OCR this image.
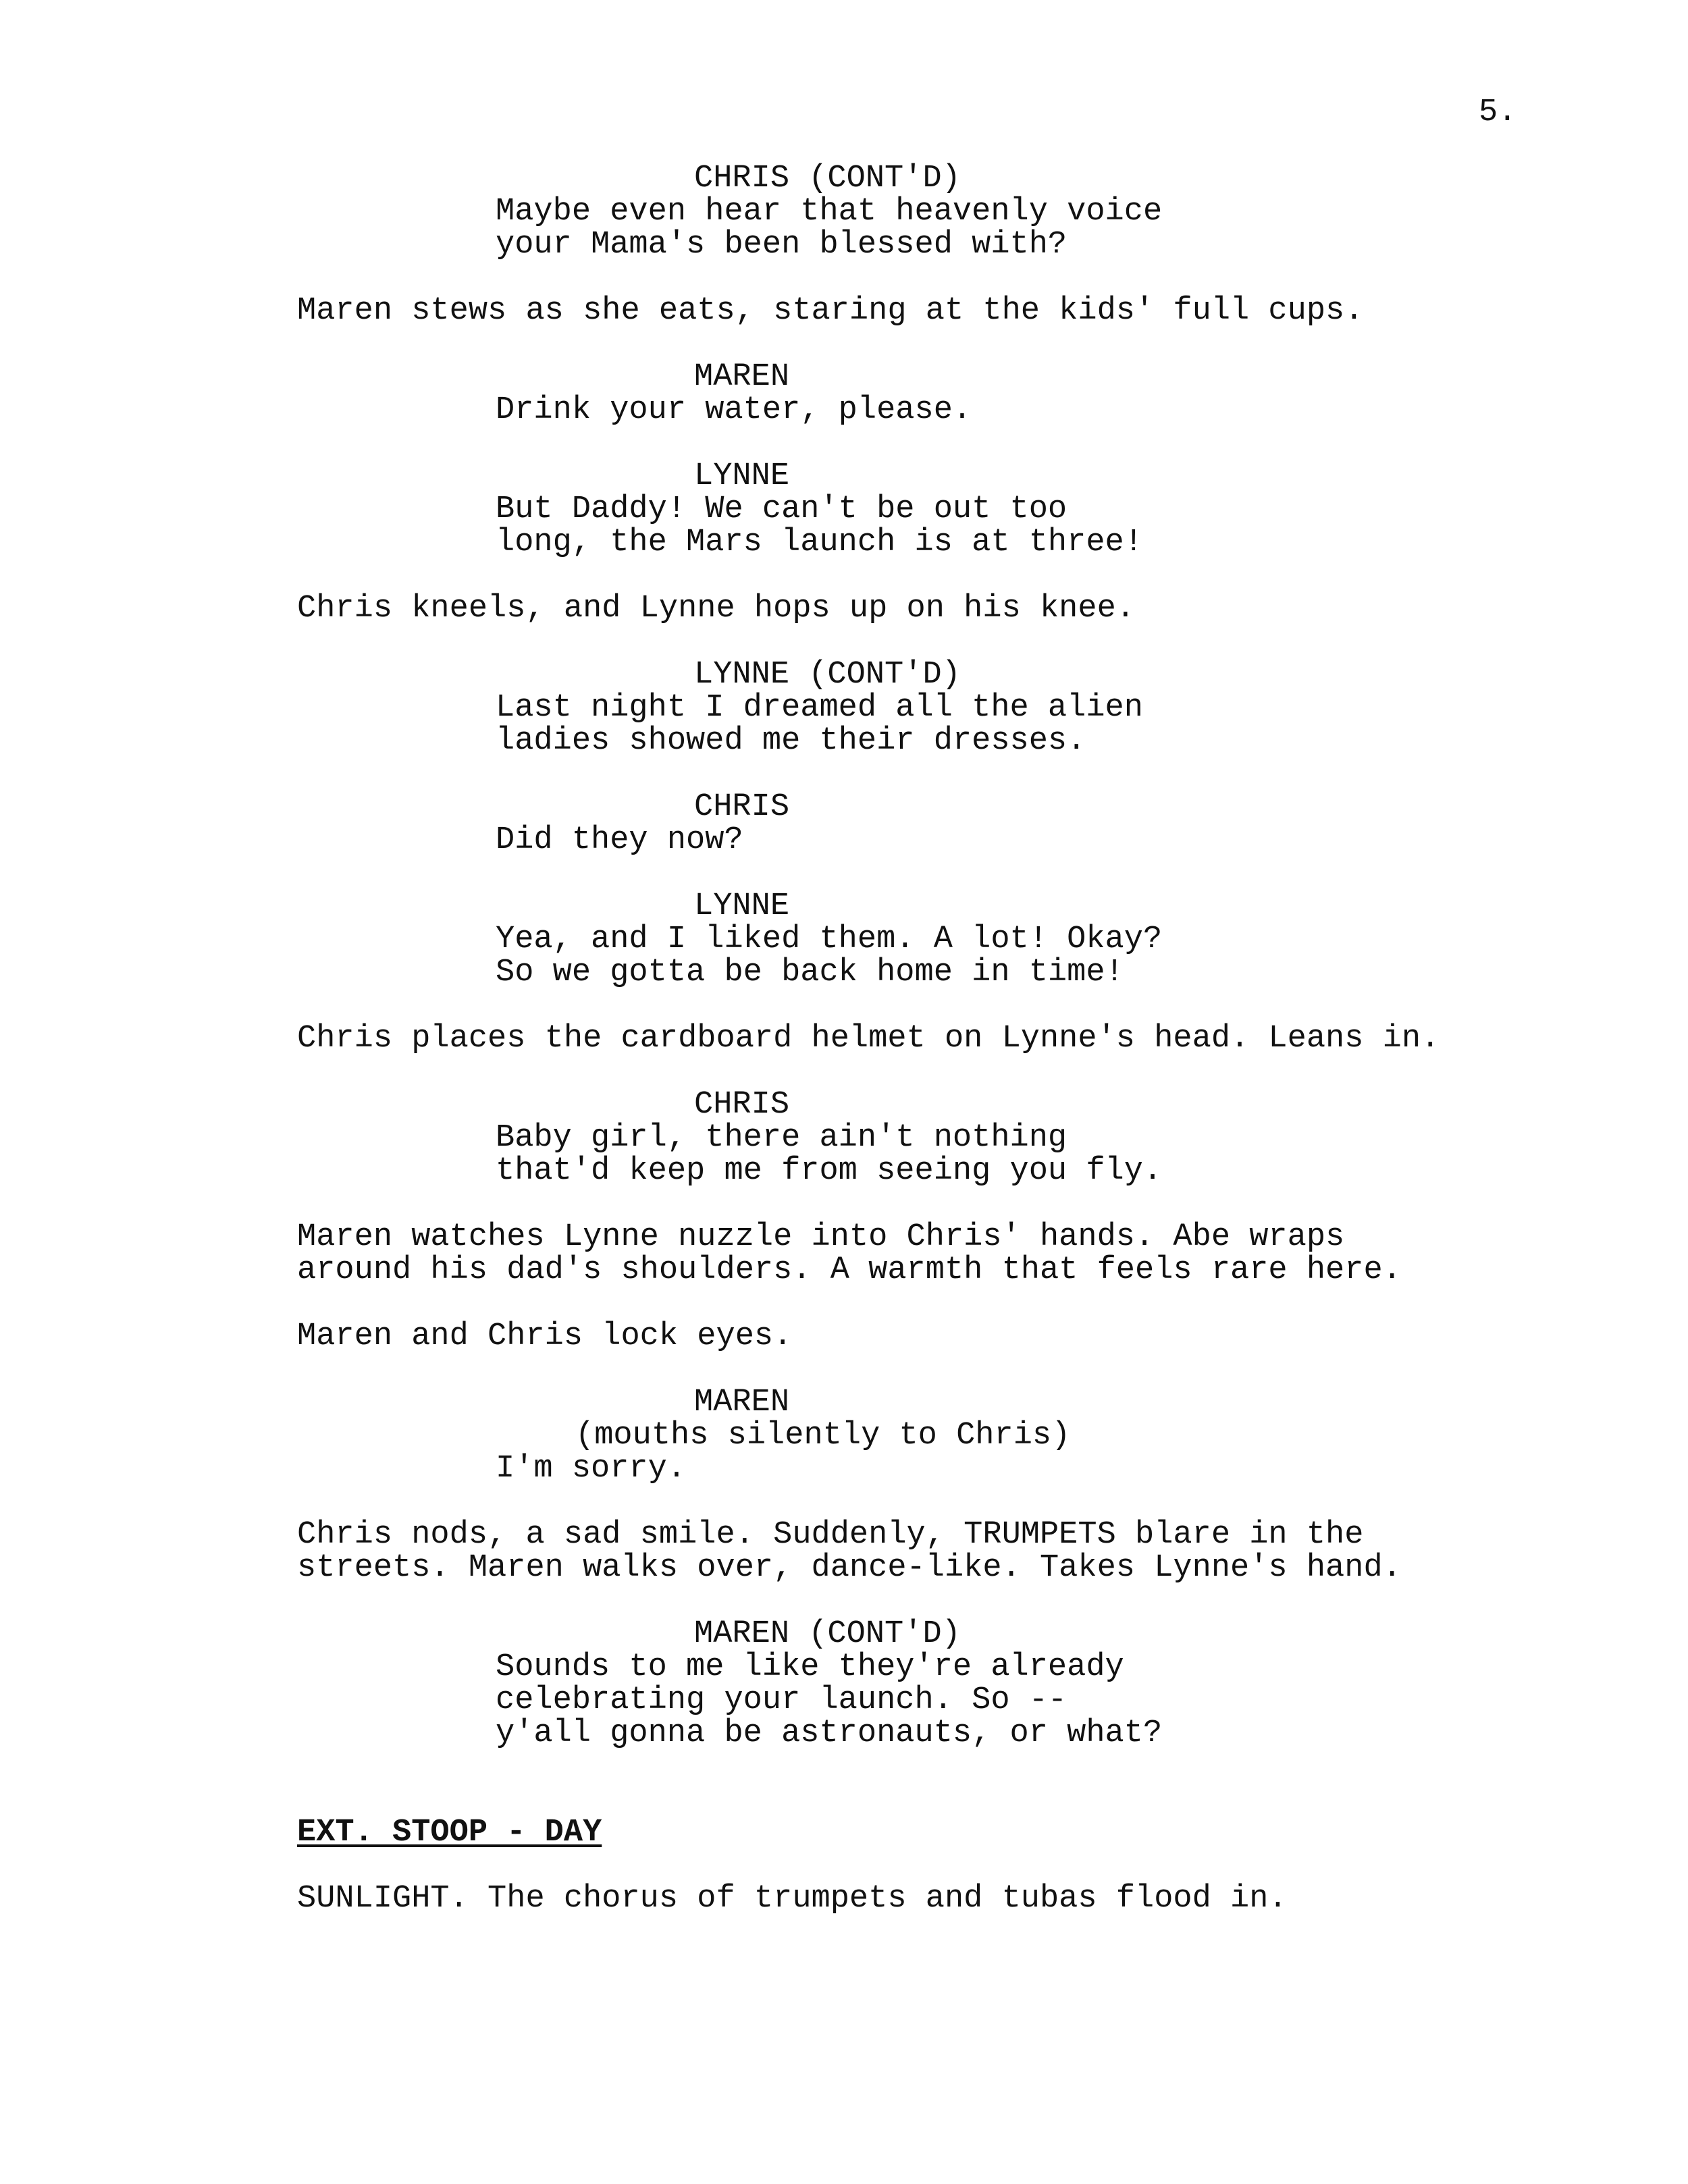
5.
CHRIS (CONT'D)
Maybe even hear that heavenly voice
your Mama's been blessed with?
Maren stews as she eats, staring at the kids' full cups.
MAREN
Drink your water, please.
LYNNE
But Daddy! We can't be out too
long, the Mars launch is at three!
Chris kneels, and Lynne hops up on his knee.
LYNNE (CONT'D)
Last night I dreamed all the alien
ladies showed me their dresses.
CHRIS
Did they now?
LYNNE
Yea, and I liked them. A lot! Okay?
So we gotta be back home in time!
Chris places the cardboard helmet on Lynne's head. Leans in.
CHRIS
Baby girl, there ain't nothing
that'd keep me from seeing you fly.
Maren watches Lynne nuzzle into Chris' hands. Abe wraps
around his dad's shoulders. A warmth that feels rare here.
Maren and Chris lock eyes.
MAREN
(mouths silently to Chris)
I'm sorry.
Chris nods, a sad smile. Suddenly, TRUMPETS blare in the
streets. Maren walks over, dance-like. Takes Lynne's hand.
MAREN (CONT'D)
Sounds to me like they're already
celebrating your launch. So --
y'all gonna be astronauts, or what?
EXT. STOOP - DAY
SUNLIGHT. The chorus of trumpets and tubas flood in.
